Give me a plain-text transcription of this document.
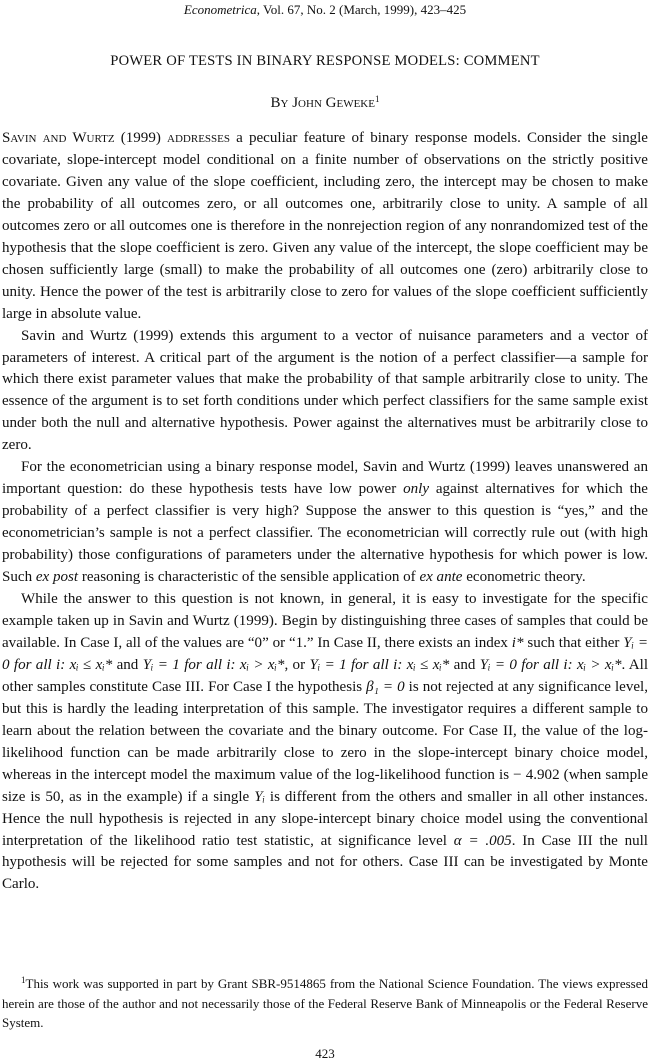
Econometrica, Vol. 67, No. 2 (March, 1999), 423–425
POWER OF TESTS IN BINARY RESPONSE MODELS: COMMENT
By John Geweke$^1$

Savin and Wurtz (1999) addresses a peculiar feature of binary response models. Consider the single covariate, slope-intercept model conditional on a finite number of observations on the strictly positive covariate. Given any value of the slope coefficient, including zero, the intercept may be chosen to make the probability of all outcomes zero, or all outcomes one, arbitrarily close to unity. A sample of all outcomes zero or all outcomes one is therefore in the nonrejection region of any nonrandomized test of the hypothesis that the slope coefficient is zero. Given any value of the intercept, the slope coefficient may be chosen sufficiently large (small) to make the probability of all outcomes one (zero) arbitrarily close to unity. Hence the power of the test is arbitrarily close to zero for values of the slope coefficient sufficiently large in absolute value.

Savin and Wurtz (1999) extends this argument to a vector of nuisance parameters and a vector of parameters of interest. A critical part of the argument is the notion of a perfect classifier—a sample for which there exist parameter values that make the probability of that sample arbitrarily close to unity. The essence of the argument is to set forth conditions under which perfect classifiers for the same sample exist under both the null and alternative hypothesis. Power against the alternatives must be arbitrarily close to zero.

For the econometrician using a binary response model, Savin and Wurtz (1999) leaves unanswered an important question: do these hypothesis tests have low power only against alternatives for which the probability of a perfect classifier is very high? Suppose the answer to this question is “yes,” and the econometrician’s sample is not a perfect classifier. The econometrician will correctly rule out (with high probability) those configurations of parameters under the alternative hypothesis for which power is low. Such ex post reasoning is characteristic of the sensible application of ex ante econometric theory.

While the answer to this question is not known, in general, it is easy to investigate for the specific example taken up in Savin and Wurtz (1999). Begin by distinguishing three cases of samples that could be available. In Case I, all of the values are “0” or “1.” In Case II, there exists an index i* such that either Yᵢ = 0 for all i: xᵢ ≤ xᵢ* and Yᵢ = 1 for all i: xᵢ > xᵢ*, or Yᵢ = 1 for all i: xᵢ ≤ xᵢ* and Yᵢ = 0 for all i: xᵢ > xᵢ*. All other samples constitute Case III. For Case I the hypothesis β₁ = 0 is not rejected at any significance level, but this is hardly the leading interpretation of this sample. The investigator requires a different sample to learn about the relation between the covariate and the binary outcome. For Case II, the value of the log-likelihood function can be made arbitrarily close to zero in the slope-intercept binary choice model, whereas in the intercept model the maximum value of the log-likelihood function is − 4.902 (when sample size is 50, as in the example) if a single Yᵢ is different from the others and smaller in all other instances. Hence the null hypothesis is rejected in any slope-intercept binary choice model using the conventional interpretation of the likelihood ratio test statistic, at significance level α = .005. In Case III the null hypothesis will be rejected for some samples and not for others. Case III can be investigated by Monte Carlo.

$^1$This work was supported in part by Grant SBR-9514865 from the National Science Foundation. The views expressed herein are those of the author and not necessarily those of the Federal Reserve Bank of Minneapolis or the Federal Reserve System.
423
